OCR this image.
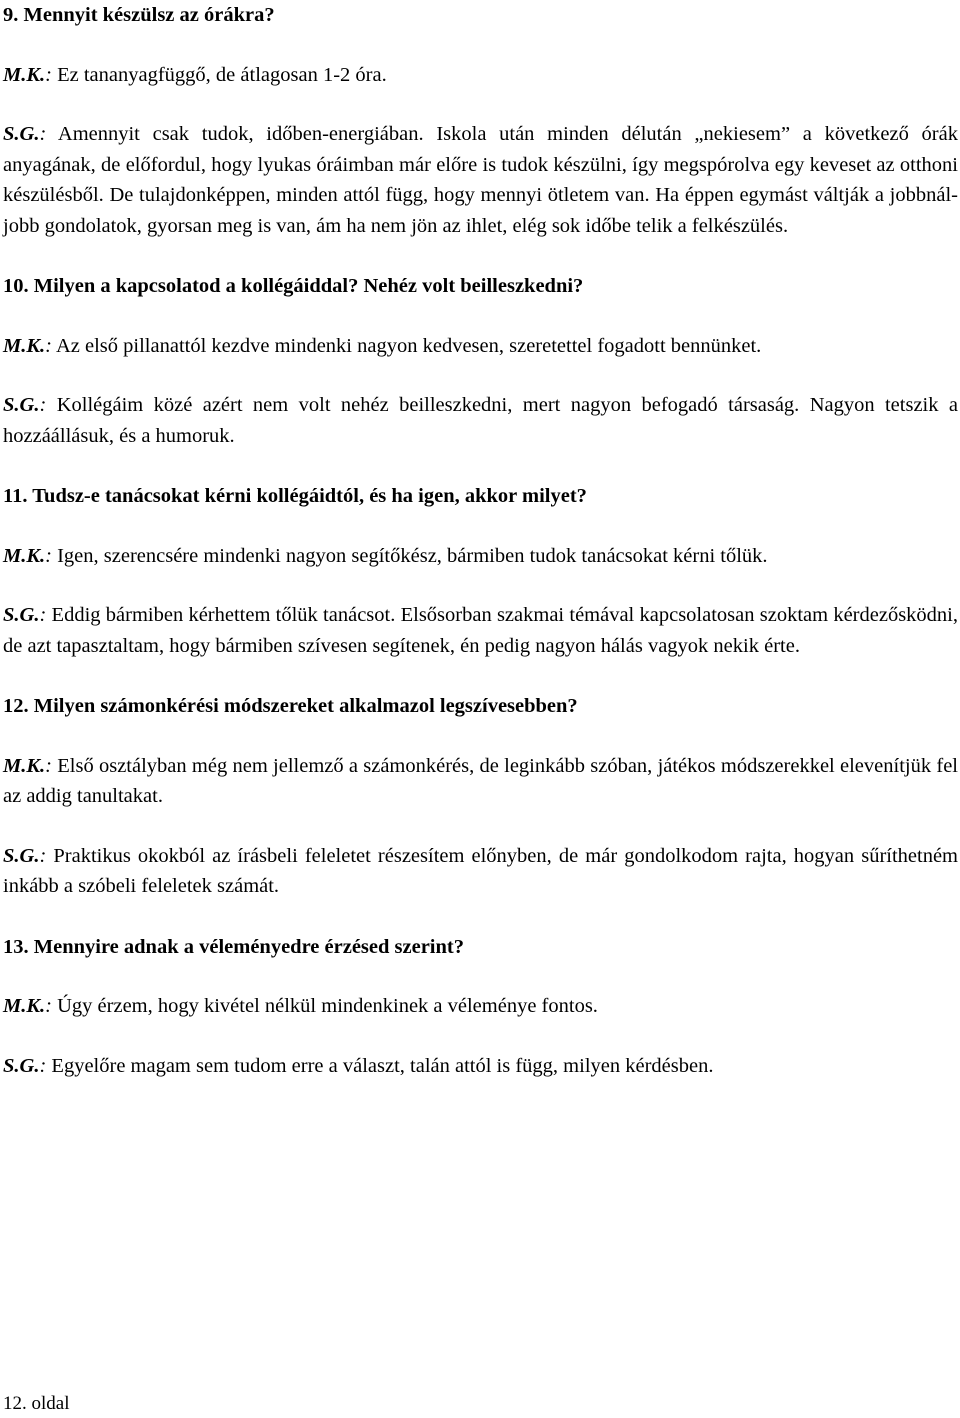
9. Mennyit készülsz az órákra?

M.K.: Ez tananyagfüggő, de átlagosan 1-2 óra.

S.G.: Amennyit csak tudok, időben-energiában. Iskola után minden délután „nekiesem” a következő órák anyagának, de előfordul, hogy lyukas óráimban már előre is tudok készülni, így megspórolva egy keveset az otthoni készülésből. De tulajdonképpen, minden attól függ, hogy mennyi ötletem van. Ha éppen egymást váltják a jobbnál-jobb gondolatok, gyorsan meg is van, ám ha nem jön az ihlet, elég sok időbe telik a felkészülés.

10. Milyen a kapcsolatod a kollégáiddal? Nehéz volt beilleszkedni?

M.K.: Az első pillanattól kezdve mindenki nagyon kedvesen, szeretettel fogadott bennünket.

S.G.: Kollégáim közé azért nem volt nehéz beilleszkedni, mert nagyon befogadó társaság. Nagyon tetszik a hozzáállásuk, és a humoruk.

11. Tudsz-e tanácsokat kérni kollégáidtól, és ha igen, akkor milyet?

M.K.: Igen, szerencsére mindenki nagyon segítőkész, bármiben tudok tanácsokat kérni tőlük.

S.G.: Eddig bármiben kérhettem tőlük tanácsot. Elsősorban szakmai témával kapcsolatosan szoktam kérdezősködni, de azt tapasztaltam, hogy bármiben szívesen segítenek, én pedig nagyon hálás vagyok nekik érte.

12. Milyen számonkérési módszereket alkalmazol legszívesebben?

M.K.: Első osztályban még nem jellemző a számonkérés, de leginkább szóban, játékos módszerekkel elevenítjük fel az addig tanultakat.

S.G.: Praktikus okokból az írásbeli feleletet részesítem előnyben, de már gondolkodom rajta, hogyan sűríthetném inkább a szóbeli feleletek számát.

13. Mennyire adnak a véleményedre érzésed szerint?

M.K.: Úgy érzem, hogy kivétel nélkül mindenkinek a véleménye fontos.

S.G.: Egyelőre magam sem tudom erre a választ, talán attól is függ, milyen kérdésben.

12. oldal
